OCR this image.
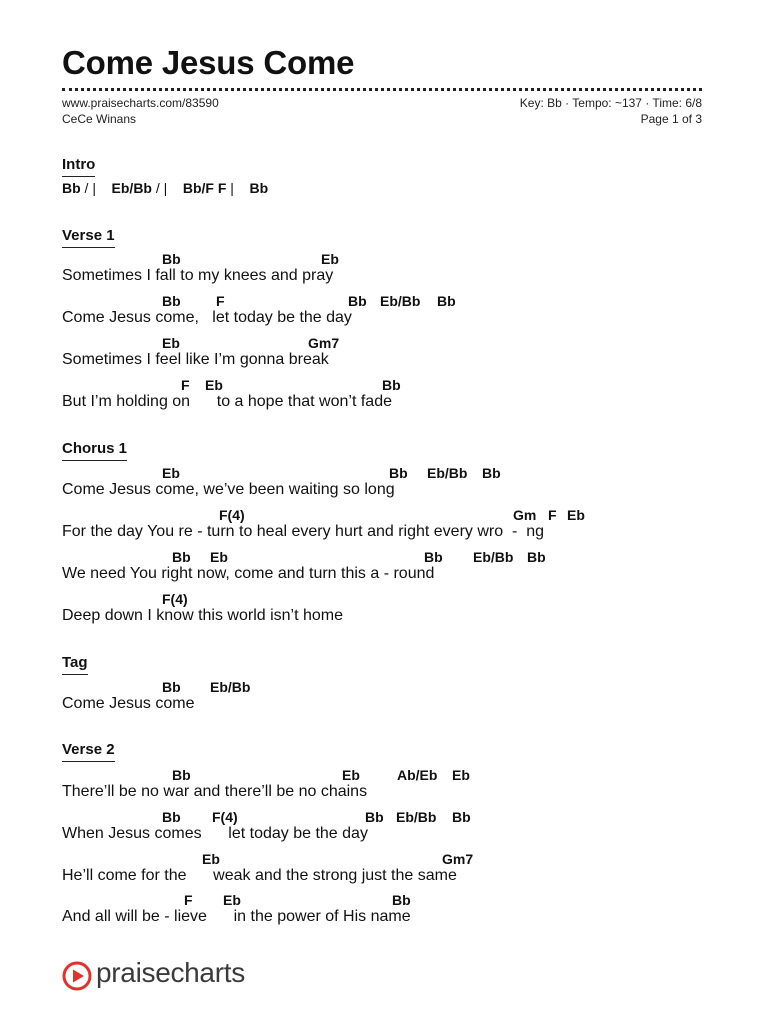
Come Jesus Come
www.praisecharts.com/83590	Key: Bb · Tempo: ~137 · Time: 6/8
CeCe Winans	Page 1 of 3
Intro
Bb / |    Eb/Bb / |    Bb/F F |    Bb
Verse 1
Bb	Eb
Sometimes I fall to my knees and pray
Bb	F	Bb Eb/Bb Bb
Come Jesus come,   let today be the day
Eb	Gm7
Sometimes I feel like I’m gonna break
F Eb	Bb
But I’m holding on      to a hope that won’t fade
Chorus 1
Eb	Bb Eb/Bb Bb
Come Jesus come, we’ve been waiting so long
F(4)	Gm F Eb
For the day You re - turn to heal every hurt and right every wro  -  ng
Bb Eb	Bb Eb/Bb Bb
We need You right now, come and turn this a - round
F(4)
Deep down I know this world isn’t home
Tag
Bb Eb/Bb
Come Jesus come
Verse 2
Bb	Eb	Ab/Eb Eb
There’ll be no war and there’ll be no chains
Bb F(4)	Bb Eb/Bb Bb
When Jesus comes      let today be the day
Eb	Gm7
He’ll come for the      weak and the strong just the same
F Eb	Bb
And all will be - lieve      in the power of His name
praisecharts
